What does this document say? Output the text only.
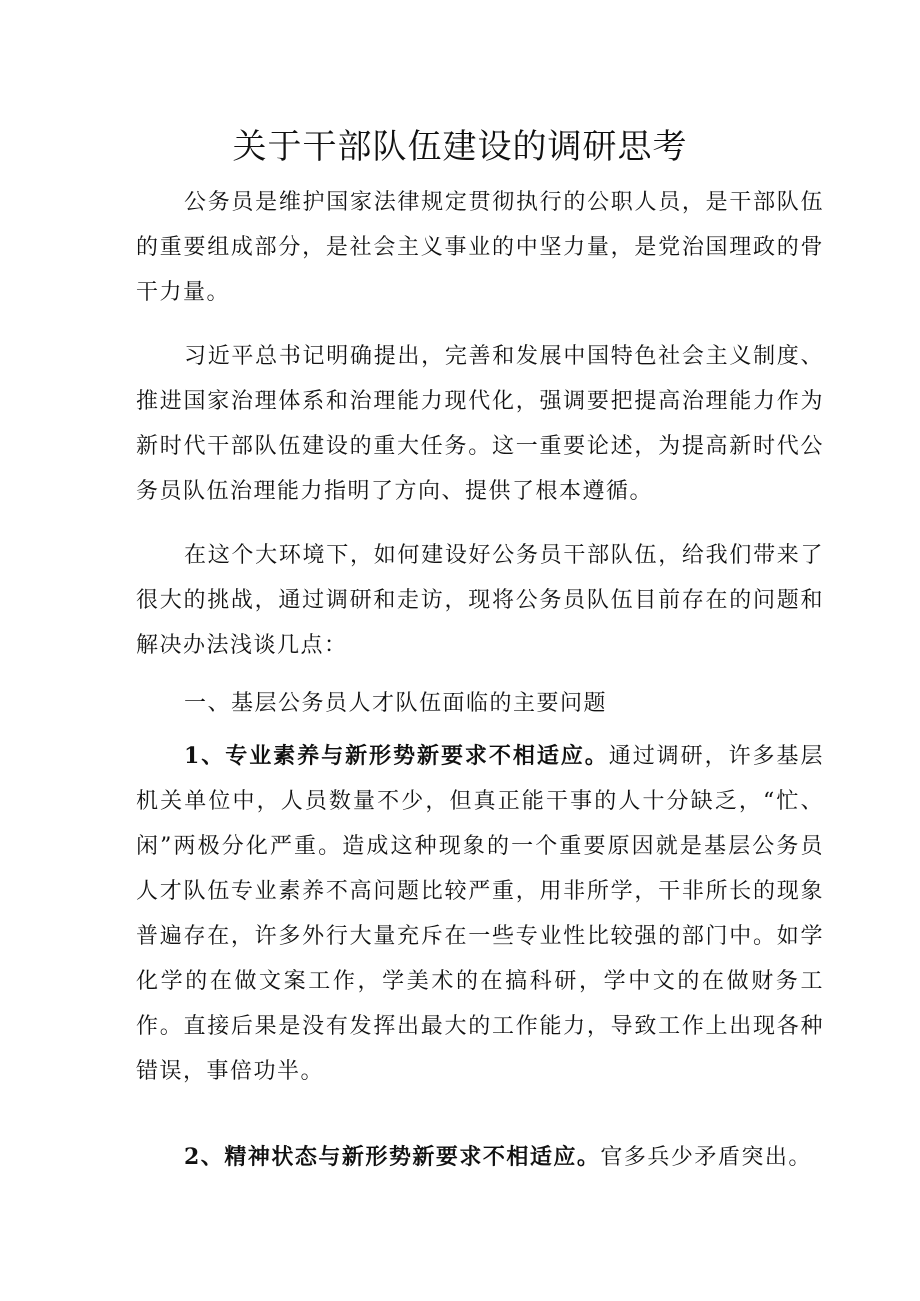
关于干部队伍建设的调研思考
公务员是维护国家法律规定贯彻执行的公职人员，是干部队伍的重要组成部分，是社会主义事业的中坚力量，是党治国理政的骨干力量。
习近平总书记明确提出，完善和发展中国特色社会主义制度、推进国家治理体系和治理能力现代化，强调要把提高治理能力作为新时代干部队伍建设的重大任务。这一重要论述，为提高新时代公务员队伍治理能力指明了方向、提供了根本遵循。
在这个大环境下，如何建设好公务员干部队伍，给我们带来了很大的挑战，通过调研和走访，现将公务员队伍目前存在的问题和解决办法浅谈几点：
一、基层公务员人才队伍面临的主要问题
1、专业素养与新形势新要求不相适应。通过调研，许多基层机关单位中，人员数量不少，但真正能干事的人十分缺乏，“忙、闲”两极分化严重。造成这种现象的一个重要原因就是基层公务员人才队伍专业素养不高问题比较严重，用非所学，干非所长的现象普遍存在，许多外行大量充斥在一些专业性比较强的部门中。如学化学的在做文案工作，学美术的在搞科研，学中文的在做财务工作。直接后果是没有发挥出最大的工作能力，导致工作上出现各种错误，事倍功半。
2、精神状态与新形势新要求不相适应。官多兵少矛盾突出。
